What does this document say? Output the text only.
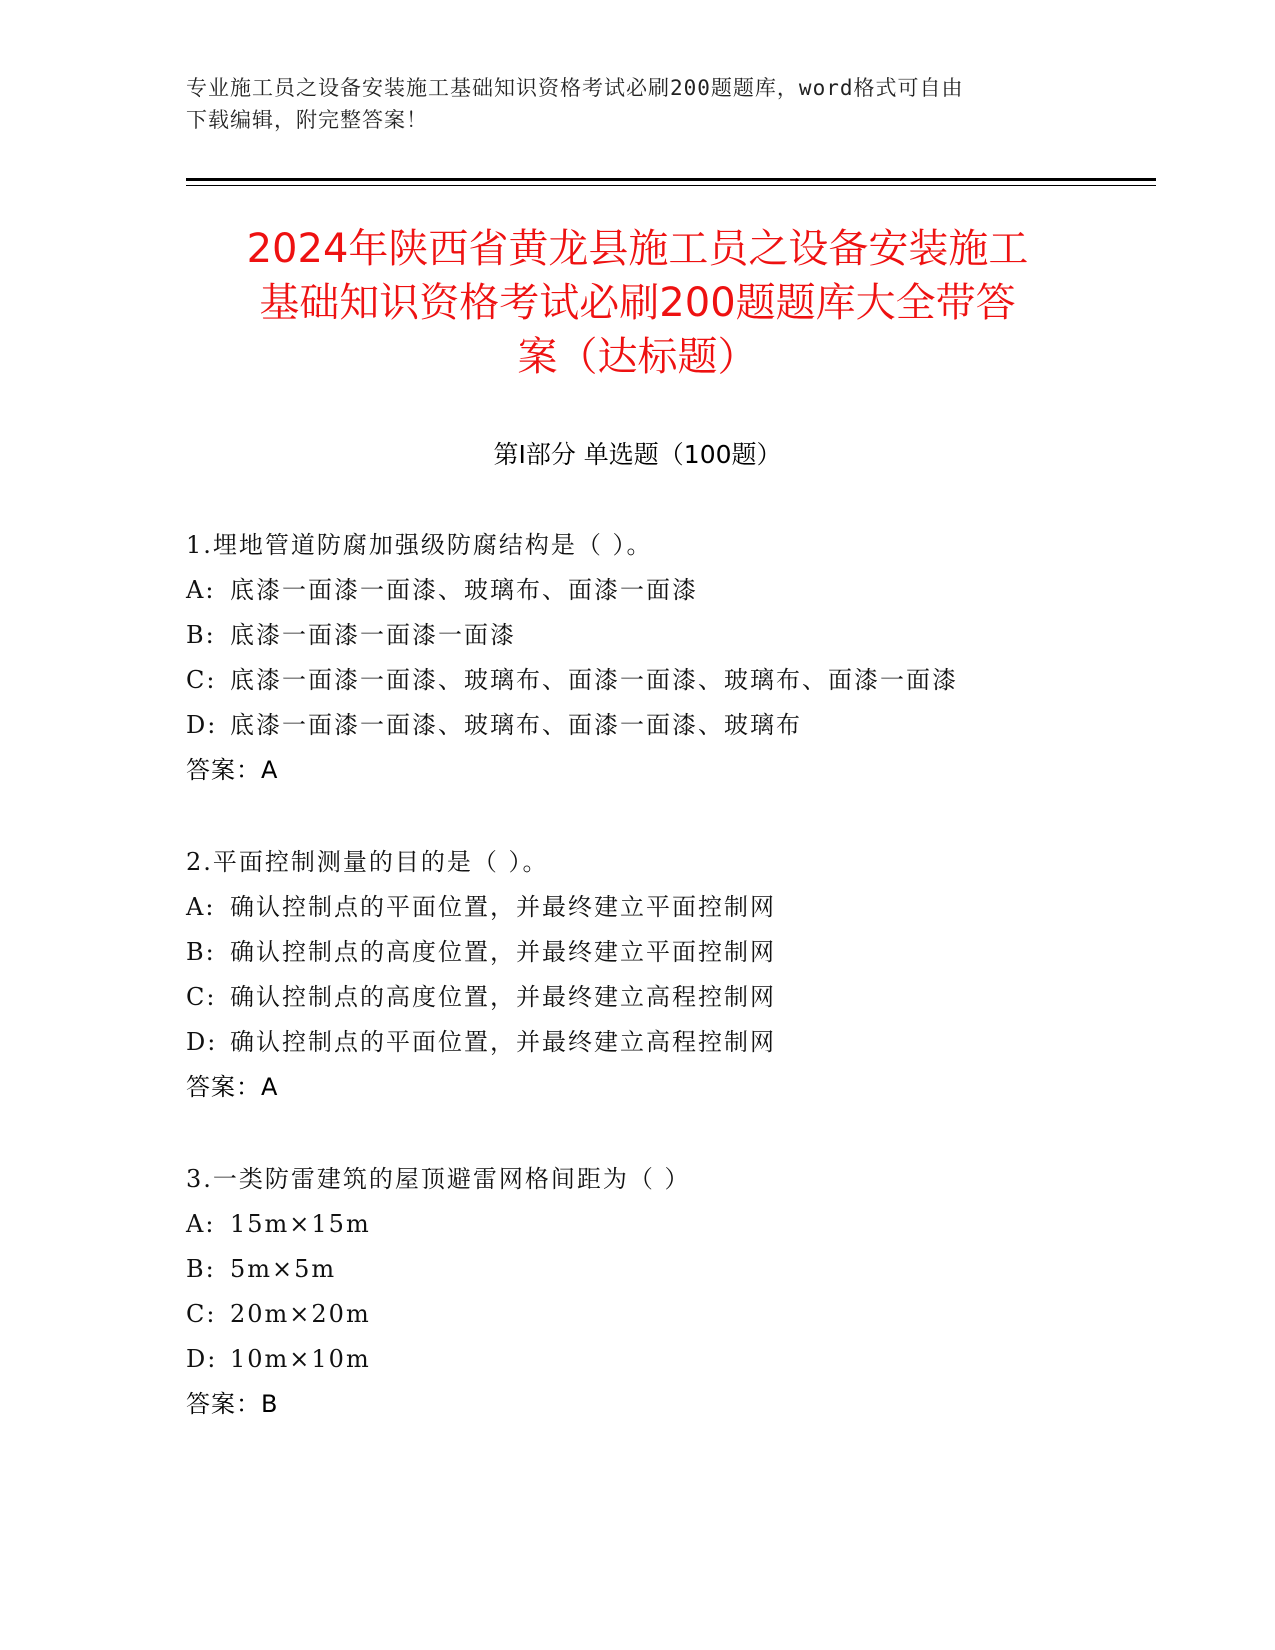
专业施工员之设备安装施工基础知识资格考试必刷200题题库，word格式可自由
下载编辑，附完整答案！
2024年陕西省黄龙县施工员之设备安装施工
基础知识资格考试必刷200题题库大全带答
案（达标题）
第Ⅰ部分 单选题（100题）
1.埋地管道防腐加强级防腐结构是（ ）。
A: 底漆一面漆一面漆、玻璃布、面漆一面漆
B: 底漆一面漆一面漆一面漆
C: 底漆一面漆一面漆、玻璃布、面漆一面漆、玻璃布、面漆一面漆
D: 底漆一面漆一面漆、玻璃布、面漆一面漆、玻璃布
答案：A
2.平面控制测量的目的是（ ）。
A: 确认控制点的平面位置，并最终建立平面控制网
B: 确认控制点的高度位置，并最终建立平面控制网
C: 确认控制点的高度位置，并最终建立高程控制网
D: 确认控制点的平面位置，并最终建立高程控制网
答案：A
3.一类防雷建筑的屋顶避雷网格间距为（ ）
A: 15m×15m
B: 5m×5m
C: 20m×20m
D: 10m×10m
答案：B
